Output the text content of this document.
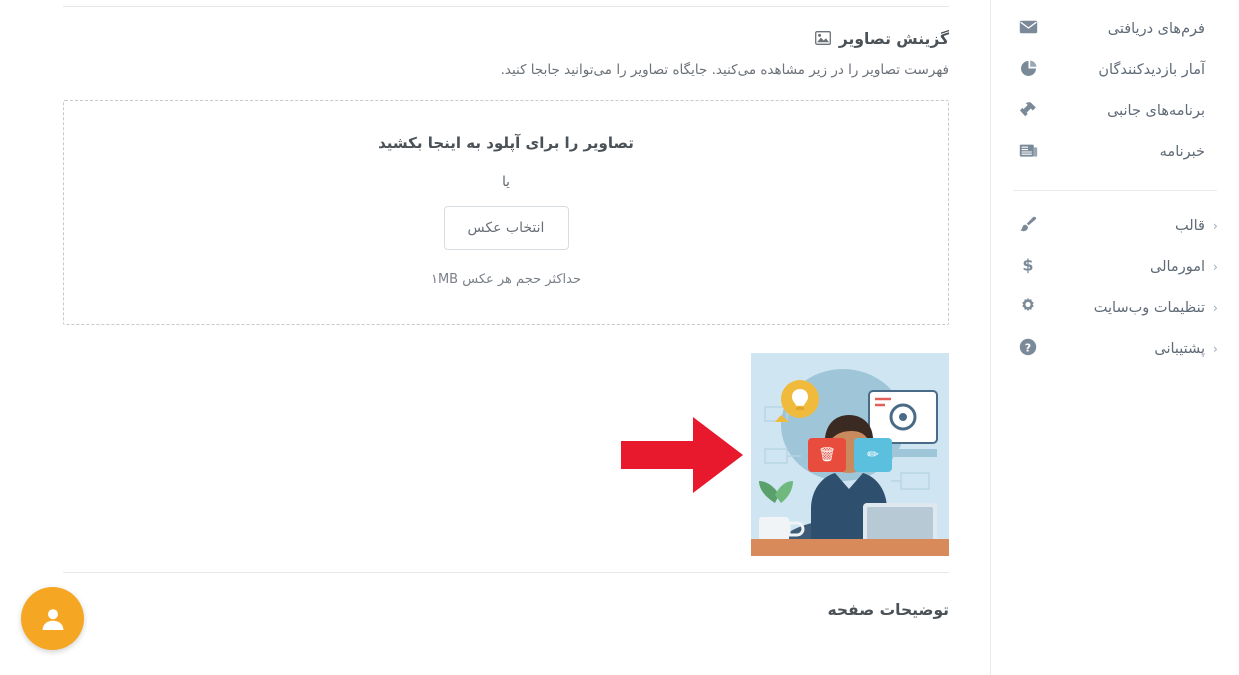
گزینش تصاویر
فهرست تصاویر را در زیر مشاهده می‌کنید. جایگاه تصاویر را می‌توانید جابجا کنید.
تصاویر را برای آپلود به اینجا بکشید
یا
انتخاب عکس
حداکثر حجم هر عکس ۱MB
🗑 ✏
توضیحات صفحه
فرم‌های دریافتی
آمار بازدیدکنندگان
برنامه‌های جانبی
خبرنامه
‹
قالب
‹
امورمالی
$
‹
تنظیمات وب‌سایت
‹
پشتیبانی
?
